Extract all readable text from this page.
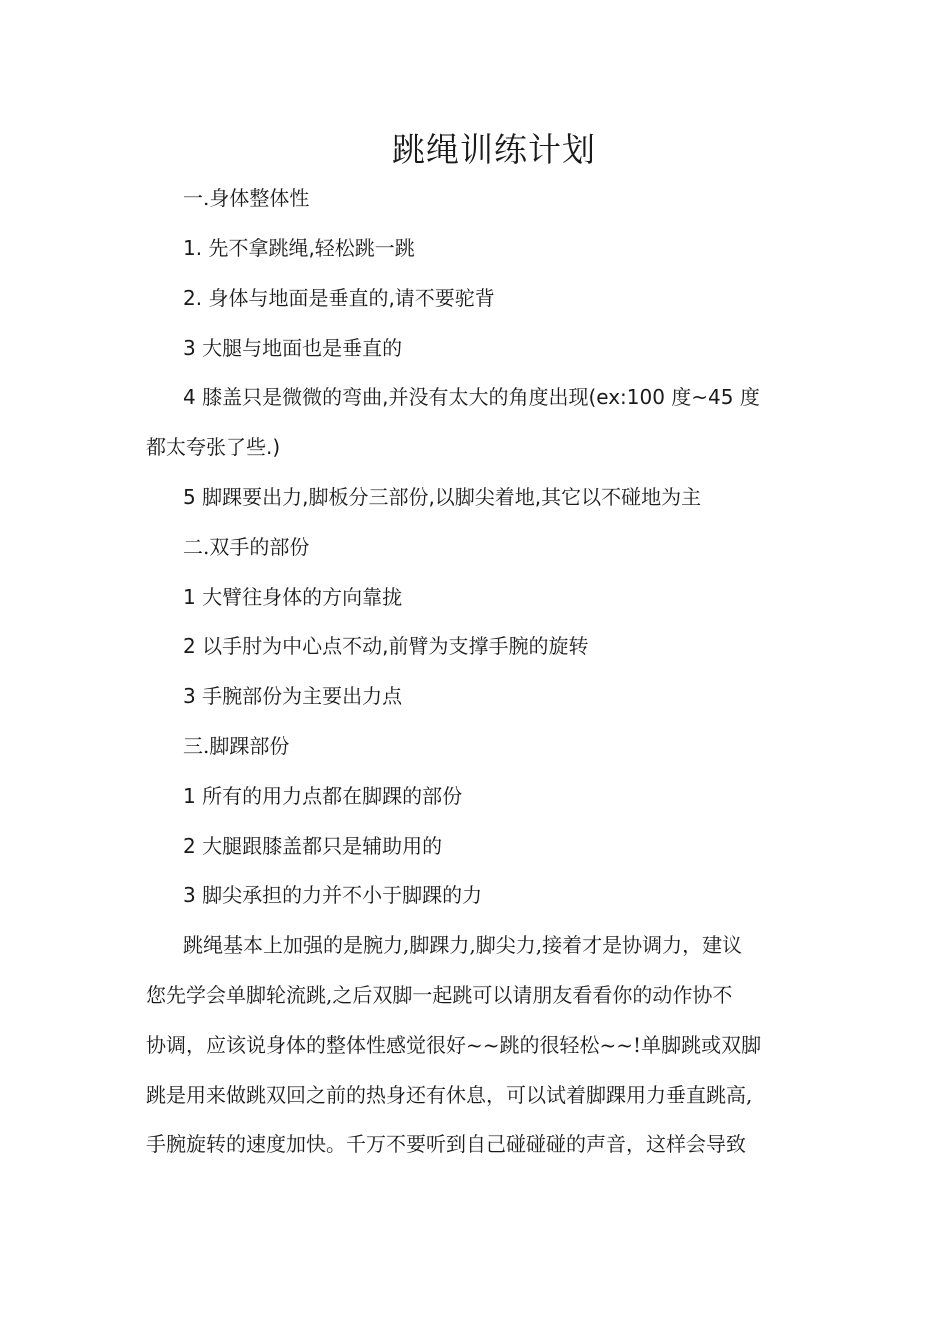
跳绳训练计划
一.身体整体性
1. 先不拿跳绳,轻松跳一跳
2. 身体与地面是垂直的,请不要驼背
3 大腿与地面也是垂直的
4 膝盖只是微微的弯曲,并没有太大的角度出现(ex:100 度~45 度
都太夸张了些.)
5 脚踝要出力,脚板分三部份,以脚尖着地,其它以不碰地为主
二.双手的部份
1 大臂往身体的方向靠拢
2 以手肘为中心点不动,前臂为支撑手腕的旋转
3 手腕部份为主要出力点
三.脚踝部份
1 所有的用力点都在脚踝的部份
2 大腿跟膝盖都只是辅助用的
3 脚尖承担的力并不小于脚踝的力
跳绳基本上加强的是腕力,脚踝力,脚尖力,接着才是协调力，建议
您先学会单脚轮流跳,之后双脚一起跳可以请朋友看看你的动作协不
协调，应该说身体的整体性感觉很好~~跳的很轻松~~!单脚跳或双脚
跳是用来做跳双回之前的热身还有休息，可以试着脚踝用力垂直跳高,
手腕旋转的速度加快。千万不要听到自己碰碰碰的声音，这样会导致
